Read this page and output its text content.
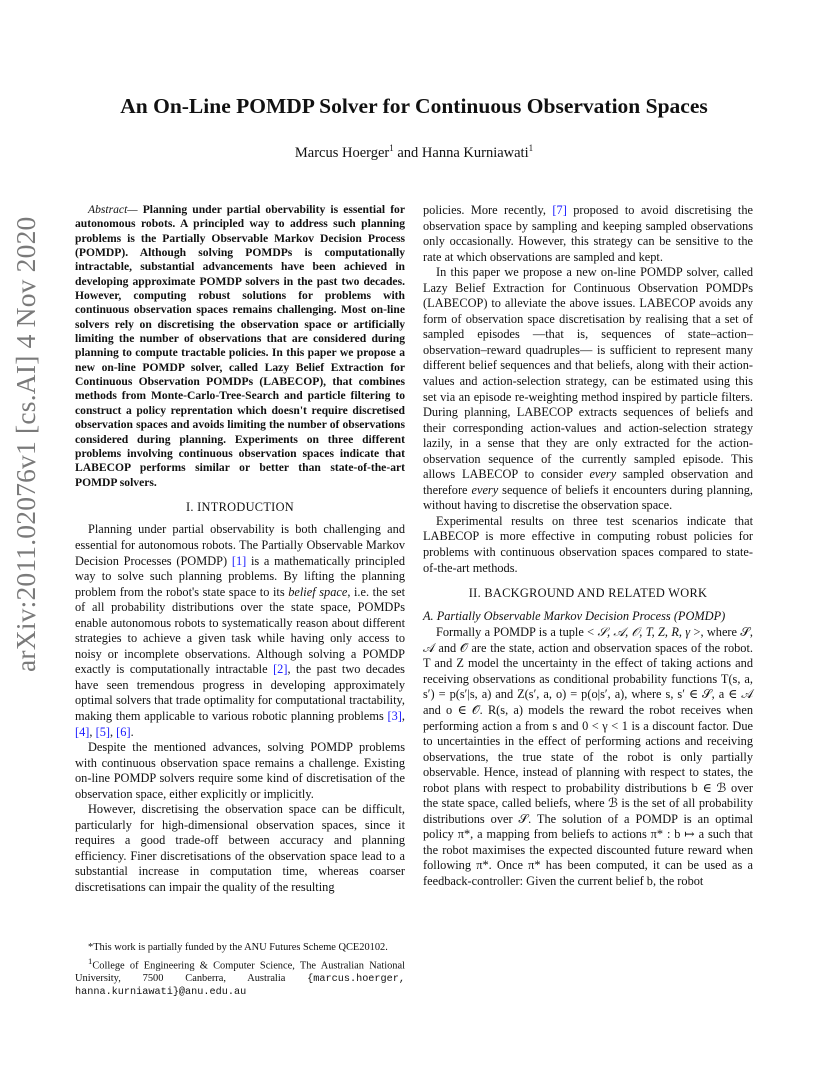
arXiv:2011.02076v1 [cs.AI] 4 Nov 2020
An On-Line POMDP Solver for Continuous Observation Spaces
Marcus Hoerger$^1$ and Hanna Kurniawati$^1$

Abstract— Planning under partial obervability is essential for autonomous robots. A principled way to address such planning problems is the Partially Observable Markov Decision Process (POMDP). Although solving POMDPs is computationally intractable, substantial advancements have been achieved in developing approximate POMDP solvers in the past two decades. However, computing robust solutions for problems with continuous observation spaces remains challenging. Most on-line solvers rely on discretising the observation space or artificially limiting the number of observations that are considered during planning to compute tractable policies. In this paper we propose a new on-line POMDP solver, called Lazy Belief Extraction for Continuous Observation POMDPs (LABECOP), that combines methods from Monte-Carlo-Tree-Search and particle filtering to construct a policy reprentation which doesn't require discretised observation spaces and avoids limiting the number of observations considered during planning. Experiments on three different problems involving continuous observation spaces indicate that LABECOP performs similar or better than state-of-the-art POMDP solvers.

I. INTRODUCTION

Planning under partial observability is both challenging and essential for autonomous robots. The Partially Observable Markov Decision Processes (POMDP) [1] is a mathematically principled way to solve such planning problems. By lifting the planning problem from the robot's state space to its belief space, i.e. the set of all probability distributions over the state space, POMDPs enable autonomous robots to systematically reason about different strategies to achieve a given task while having only access to noisy or incomplete observations. Although solving a POMDP exactly is computationally intractable [2], the past two decades have seen tremendous progress in developing approximately optimal solvers that trade optimality for computational tractability, making them applicable to various robotic planning problems [3], [4], [5], [6].

Despite the mentioned advances, solving POMDP problems with continuous observation space remains a challenge. Existing on-line POMDP solvers require some kind of discretisation of the observation space, either explicitly or implicitly.

However, discretising the observation space can be difficult, particularly for high-dimensional observation spaces, since it requires a good trade-off between accuracy and planning efficiency. Finer discretisations of the observation space lead to a substantial increase in computation time, whereas coarser discretisations can impair the quality of the resulting

policies. More recently, [7] proposed to avoid discretising the observation space by sampling and keeping sampled observations only occasionally. However, this strategy can be sensitive to the rate at which observations are sampled and kept.

In this paper we propose a new on-line POMDP solver, called Lazy Belief Extraction for Continuous Observation POMDPs (LABECOP) to alleviate the above issues. LABECOP avoids any form of observation space discretisation by realising that a set of sampled episodes —that is, sequences of state–action–observation–reward quadruples— is sufficient to represent many different belief sequences and that beliefs, along with their action-values and action-selection strategy, can be estimated using this set via an episode re-weighting method inspired by particle filters. During planning, LABECOP extracts sequences of beliefs and their corresponding action-values and action-selection strategy lazily, in a sense that they are only extracted for the action-observation sequence of the currently sampled episode. This allows LABECOP to consider every sampled observation and therefore every sequence of beliefs it encounters during planning, without having to discretise the observation space.

Experimental results on three test scenarios indicate that LABECOP is more effective in computing robust policies for problems with continuous observation spaces compared to state-of-the-art methods.

II. BACKGROUND AND RELATED WORK
A. Partially Observable Markov Decision Process (POMDP)

Formally a POMDP is a tuple < 𝒮, 𝒜, 𝒪, T, Z, R, γ >, where 𝒮, 𝒜 and 𝒪 are the state, action and observation spaces of the robot. T and Z model the uncertainty in the effect of taking actions and receiving observations as conditional probability functions T(s, a, s′) = p(s′|s, a) and Z(s′, a, o) = p(o|s′, a), where s, s′ ∈ 𝒮, a ∈ 𝒜 and o ∈ 𝒪. R(s, a) models the reward the robot receives when performing action a from s and 0 < γ < 1 is a discount factor. Due to uncertainties in the effect of performing actions and receiving observations, the true state of the robot is only partially observable. Hence, instead of planning with respect to states, the robot plans with respect to probability distributions b ∈ ℬ over the state space, called beliefs, where ℬ is the set of all probability distributions over 𝒮. The solution of a POMDP is an optimal policy π*, a mapping from beliefs to actions π* : b ↦ a such that the robot maximises the expected discounted future reward when following π*. Once π* has been computed, it can be used as a feedback-controller: Given the current belief b, the robot

*This work is partially funded by the ANU Futures Scheme QCE20102.

$^1$College of Engineering & Computer Science, The Australian National University, 7500 Canberra, Australia {marcus.hoerger, hanna.kurniawati}@anu.edu.au
